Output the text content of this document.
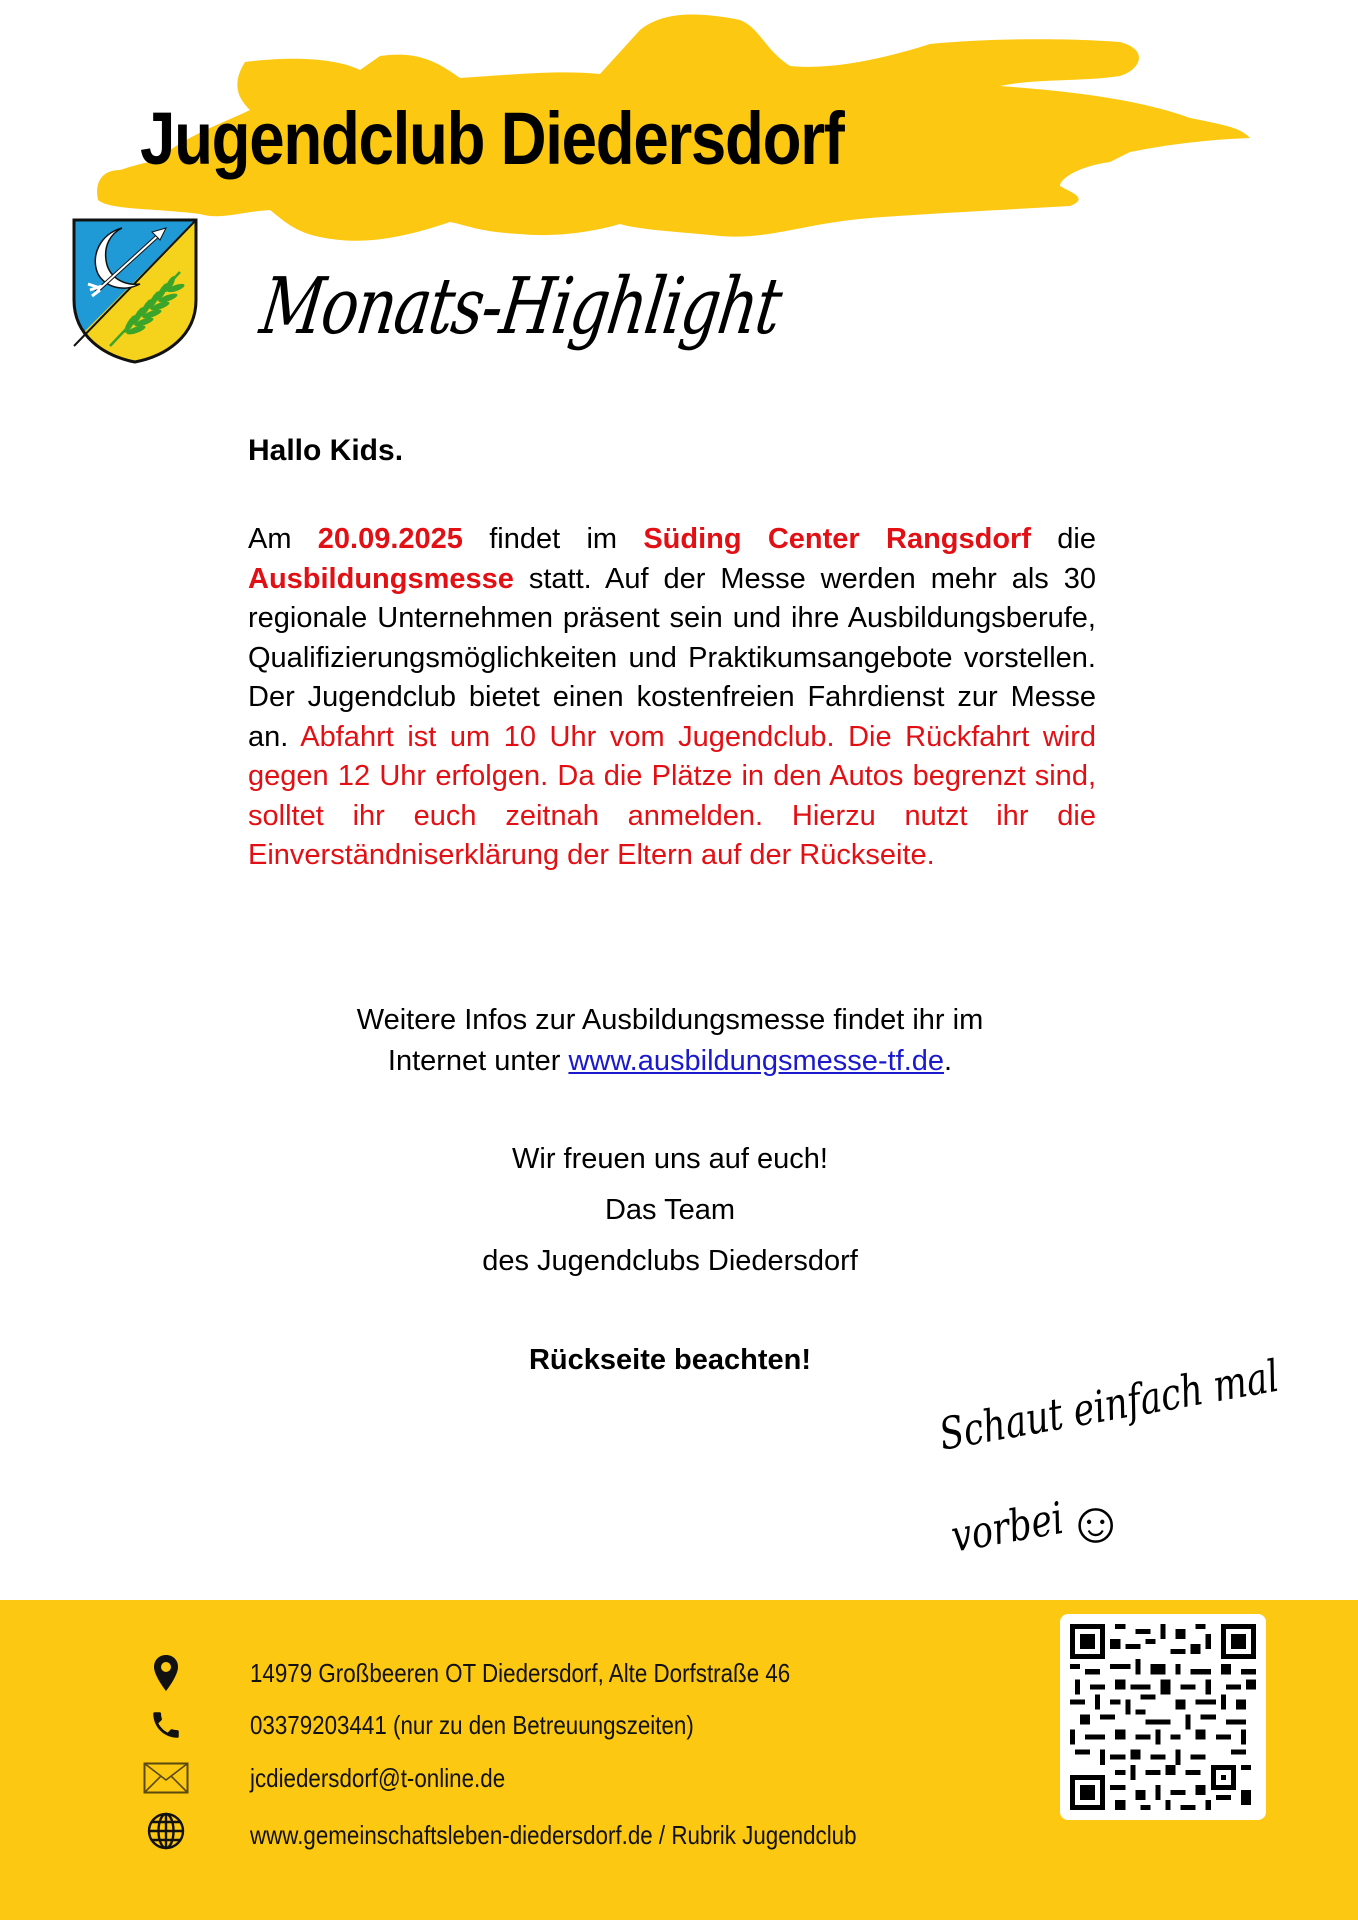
Jugendclub Diedersdorf
Monats-Highlight
Hallo Kids.
Am 20.09.2025 findet im Süding Center Rangsdorf die Ausbildungsmesse statt. Auf der Messe werden mehr als 30 regionale Unternehmen präsent sein und ihre Ausbildungsberufe, Qualifizierungsmöglichkeiten und Praktikumsangebote vorstellen. Der Jugendclub bietet einen kostenfreien Fahrdienst zur Messe an. Abfahrt ist um 10 Uhr vom Jugendclub. Die Rückfahrt wird gegen 12 Uhr erfolgen. Da die Plätze in den Autos begrenzt sind, solltet ihr euch zeitnah anmelden. Hierzu nutzt ihr die Einverständniserklärung der Eltern auf der Rückseite.
Weitere Infos zur Ausbildungsmesse findet ihr im
Internet unter www.ausbildungsmesse-tf.de.

Wir freuen uns auf euch!

Das Team

des Jugendclubs Diedersdorf

Rückseite beachten!	Schaut einfach mal
vorbei
☺
14979 Großbeeren OT Diedersdorf, Alte Dorfstraße 46
03379203441 (nur zu den Betreuungszeiten)
jcdiedersdorf@t-online.de
www.gemeinschaftsleben-diedersdorf.de / Rubrik Jugendclub
